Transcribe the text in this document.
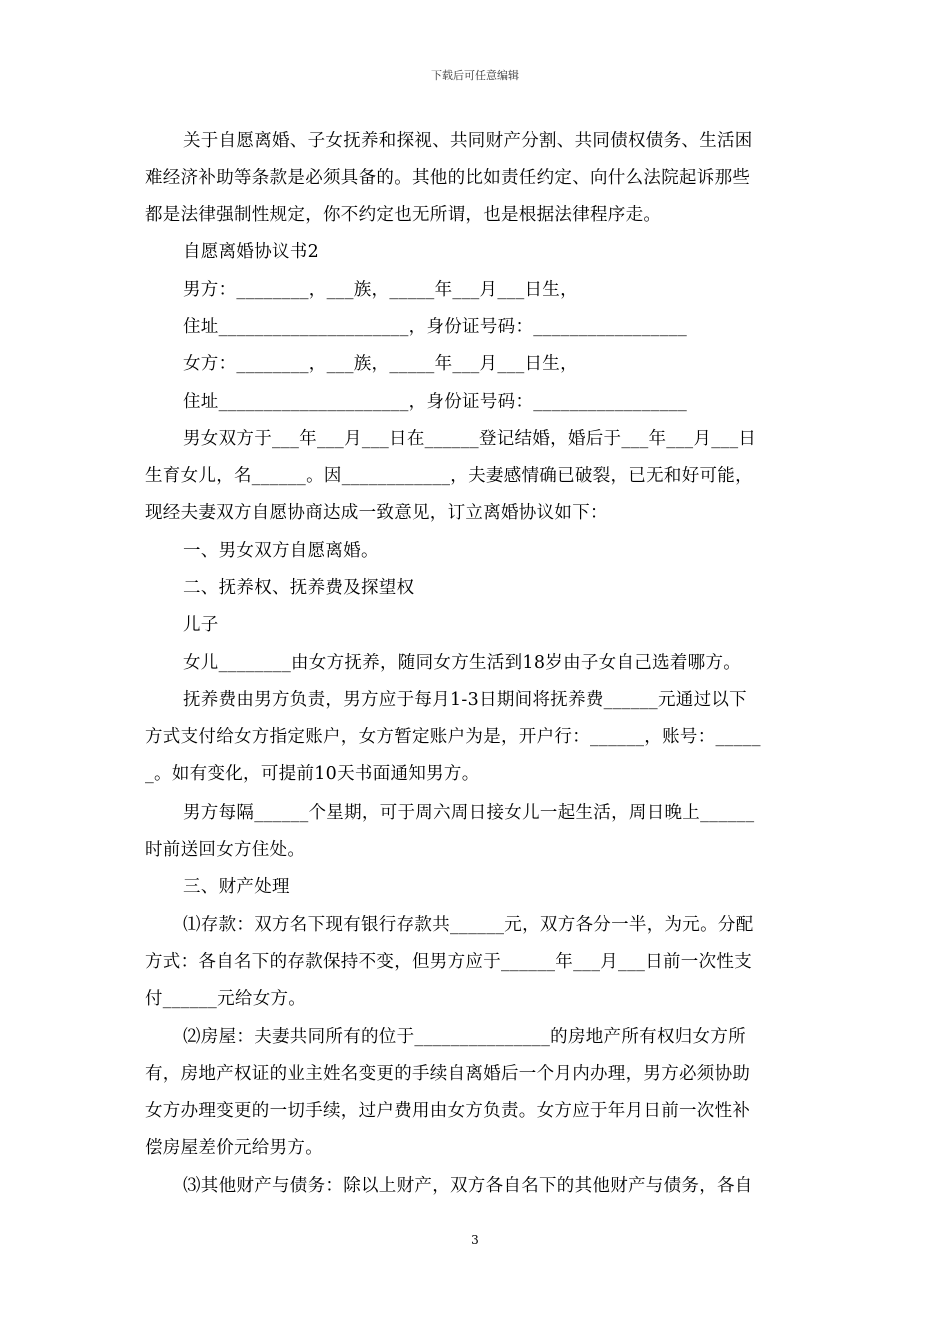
下载后可任意编辑
关于自愿离婚、子女抚养和探视、共同财产分割、共同债权债务、生活困
难经济补助等条款是必须具备的。其他的比如责任约定、向什么法院起诉那些
都是法律强制性规定，你不约定也无所谓，也是根据法律程序走。
自愿离婚协议书2
男方：________，___族，_____年___月___日生，
住址_____________________，身份证号码：_________________
女方：________，___族，_____年___月___日生，
住址_____________________，身份证号码：_________________
男女双方于___年___月___日在______登记结婚，婚后于___年___月___日
生育女儿，名______。因____________，夫妻感情确已破裂，已无和好可能，
现经夫妻双方自愿协商达成一致意见，订立离婚协议如下：
一、男女双方自愿离婚。
二、抚养权、抚养费及探望权
儿子
女儿________由女方抚养，随同女方生活到18岁由子女自己选着哪方。
抚养费由男方负责，男方应于每月1-3日期间将抚养费______元通过以下
方式支付给女方指定账户，女方暂定账户为是，开户行：______，账号：_____
_。如有变化，可提前10天书面通知男方。
男方每隔______个星期，可于周六周日接女儿一起生活，周日晚上______
时前送回女方住处。
三、财产处理
⑴存款：双方名下现有银行存款共______元，双方各分一半，为元。分配
方式：各自名下的存款保持不变，但男方应于______年___月___日前一次性支
付______元给女方。
⑵房屋：夫妻共同所有的位于_______________的房地产所有权归女方所
有，房地产权证的业主姓名变更的手续自离婚后一个月内办理，男方必须协助
女方办理变更的一切手续，过户费用由女方负责。女方应于年月日前一次性补
偿房屋差价元给男方。
⑶其他财产与债务：除以上财产，双方各自名下的其他财产与债务，各自
3
